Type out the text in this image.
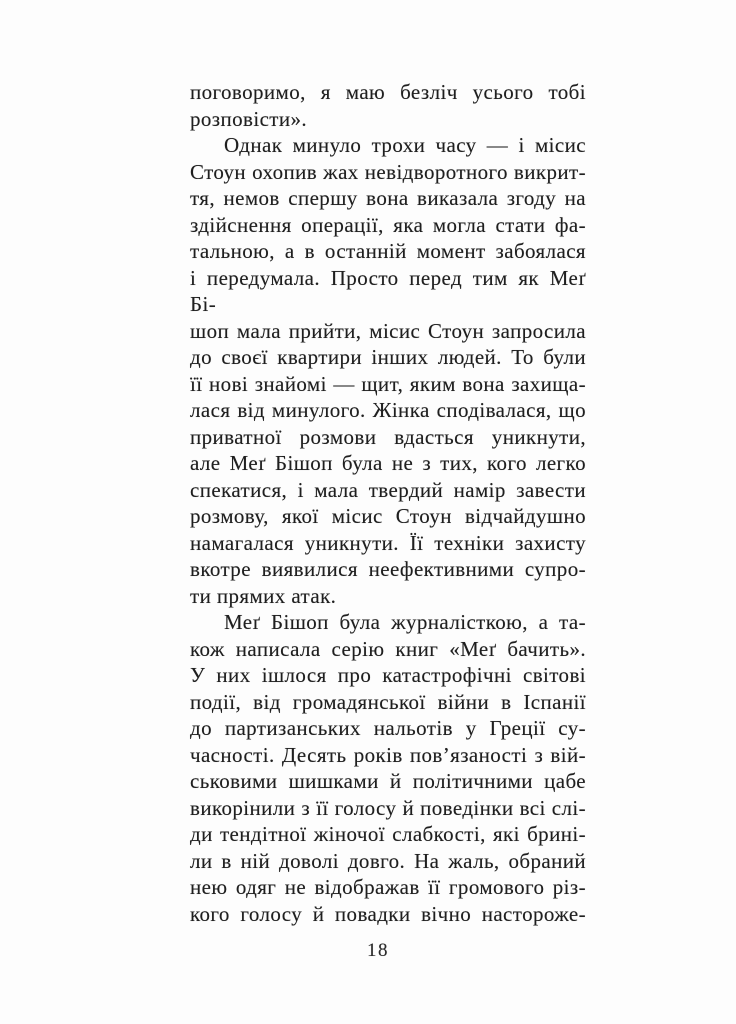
поговоримо, я маю безліч усього тобі
розповісти».
Однак минуло трохи часу — і місис
Стоун охопив жах невідворотного викрит-
тя, немов спершу вона виказала згоду на
здійснення операції, яка могла стати фа-
тальною, а в останній момент забоялася
і передумала. Просто перед тим як Меґ Бі-
шоп мала прийти, місис Стоун запросила
до своєї квартири інших людей. То були
її нові знайомі — щит, яким вона захища-
лася від минулого. Жінка сподівалася, що
приватної розмови вдасться уникнути,
але Меґ Бішоп була не з тих, кого легко
спекатися, і мала твердий намір завести
розмову, якої місис Стоун відчайдушно
намагалася уникнути. Її техніки захисту
вкотре виявилися неефективними супро-
ти прямих атак.
Меґ Бішоп була журналісткою, а та-
кож написала серію книг «Меґ бачить».
У них ішлося про катастрофічні світові
події, від громадянської війни в Іспанії
до партизанських нальотів у Греції су-
часності. Десять років пов’язаності з вій-
ськовими шишками й політичними цабе
викорінили з її голосу й поведінки всі слі-
ди тендітної жіночої слабкості, які брині-
ли в ній доволі довго. На жаль, обраний
нею одяг не відображав її громового різ-
кого голосу й повадки вічно настороже-
18
